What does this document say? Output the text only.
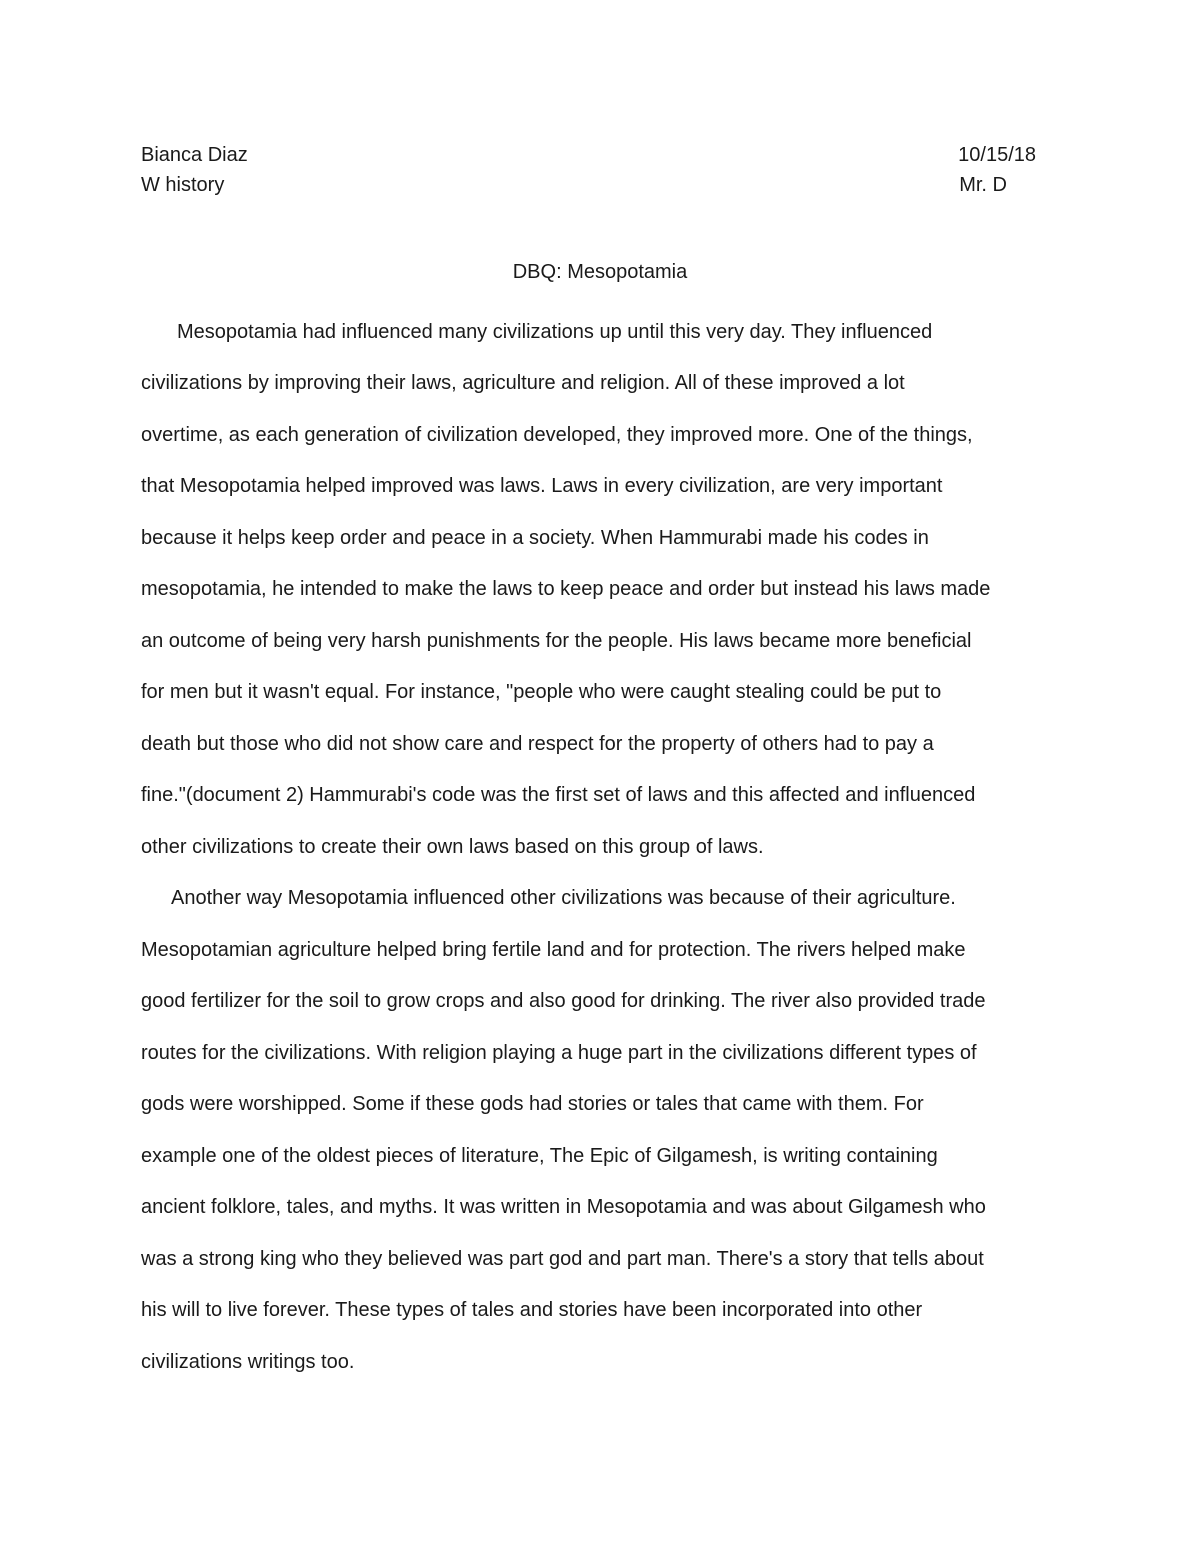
Bianca Diaz	10/15/18
W history	Mr. D
DBQ: Mesopotamia
Mesopotamia had influenced many civilizations up until this very day. They influenced
civilizations by improving their laws, agriculture and religion. All of these improved a lot
overtime, as each generation of civilization developed, they improved more. One of the things,
that Mesopotamia helped improved was laws. Laws in every civilization, are very important
because it helps keep order and peace in a society. When Hammurabi made his codes in
mesopotamia, he intended to make the laws to keep peace and order but instead his laws made
an outcome of being very harsh punishments for the people. His laws became more beneficial
for men but it wasn't equal. For instance, "people who were caught stealing could be put to
death but those who did not show care and respect for the property of others had to pay a
fine."(document 2) Hammurabi's code was the first set of laws and this affected and influenced
other civilizations to create their own laws based on this group of laws.
Another way Mesopotamia influenced other civilizations was because of their agriculture.
Mesopotamian agriculture helped bring fertile land and for protection. The rivers helped make
good fertilizer for the soil to grow crops and also good for drinking. The river also provided trade
routes for the civilizations. With religion playing a huge part in the civilizations different types of
gods were worshipped. Some if these gods had stories or tales that came with them. For
example one of the oldest pieces of literature, The Epic of Gilgamesh, is writing containing
ancient folklore, tales, and myths. It was written in Mesopotamia and was about Gilgamesh who
was a strong king who they believed was part god and part man. There's a story that tells about
his will to live forever. These types of tales and stories have been incorporated into other
civilizations writings too.
